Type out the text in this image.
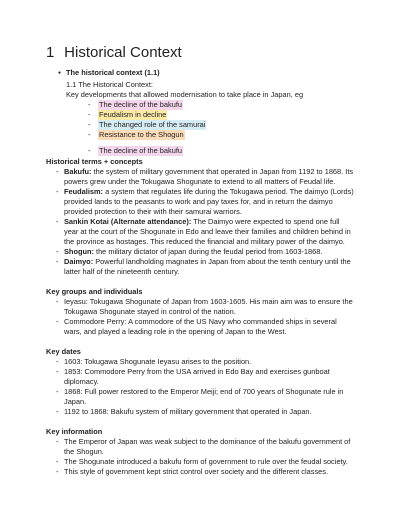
1 Historical Context
● The historical context (1.1)
1.1 The Historical Context:
Key developments that allowed modernisation to take place in Japan, eg
-	The decline of the bakufu
-	Feudalism in decline
-	The changed role of the samurai
-	Resistance to the Shogun
-	The decline of the bakufu
Historical terms + concepts
- Bakufu: the system of military government that operated in Japan from 1192 to 1868. Its powers grew under the Tokugawa Shogunate to extend to all matters of Feudal life.
- Feudalism: a system that regulates life during the Tokugawa period. The daimyo (Lords) provided lands to the peasants to work and pay taxes for, and in return the daimyo provided protection to their with their samurai warriors.
- Sankin Kotai (Alternate attendance): The Daimyo were expected to spend one full year at the court of the Shogunate in Edo and leave their families and children behind in the province as hostages. This reduced the financial and military power of the daimyo.
- Shogun: the military dictator of japan during the feudal period from 1603-1868.
- Daimyo: Powerful landholding magnates in Japan from about the tenth century until the latter half of the nineteenth century.
Key groups and individuals
- Ieyasu: Tokugawa Shogunate of Japan from 1603-1605. His main aim was to ensure the Tokugawa Shogunate stayed in control of the nation.
- Commodore Perry: A commodore of the US Navy who commanded ships in several wars, and played a leading role in the opening of Japan to the West.
Key dates
- 1603: Tokugawa Shogunate Ieyasu arises to the position.
- 1853: Commodore Perry from the USA arrived in Edo Bay and exercises gunboat diplomacy.
- 1868: Full power restored to the Emperor Meiji; end of 700 years of Shogunate rule in Japan.
- 1192 to 1868: Bakufu system of military government that operated in Japan.
Key information
- The Emperor of Japan was weak subject to the dominance of the bakufu government of the Shogun.
- The Shogunate introduced a bakufu form of government to rule over the feudal society.
- This style of government kept strict control over society and the different classes.
